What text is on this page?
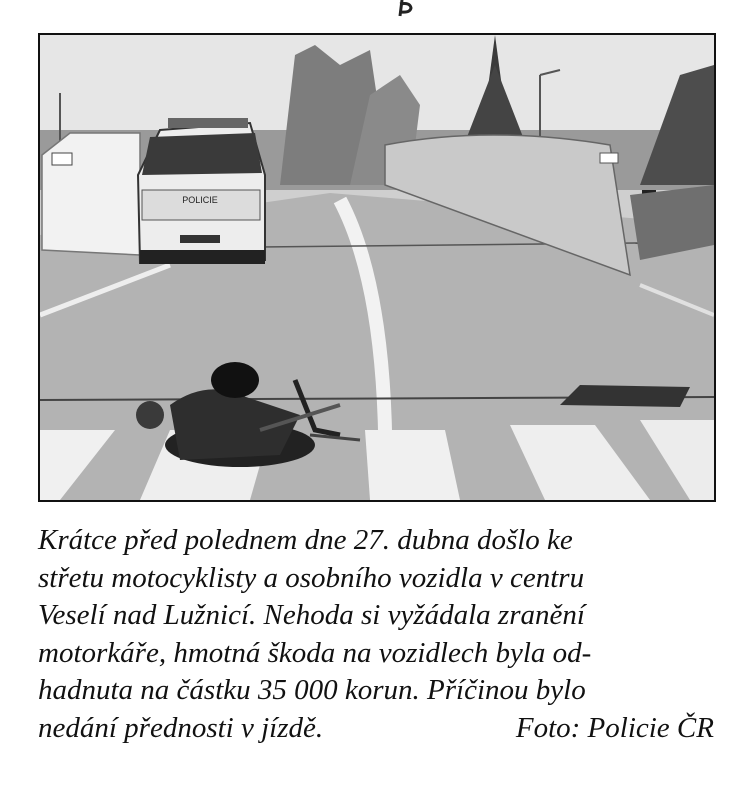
POLICIE
Krátce před polednem dne 27. dubna došlo ke
střetu motocyklisty a osobního vozidla v centru
Veselí nad Lužnicí. Nehoda si vyžádala zranění
motorkáře, hmotná škoda na vozidlech byla od-
hadnuta na částku 35 000 korun. Příčinou bylo
nedání přednosti v jízdě.	Foto: Policie ČR
